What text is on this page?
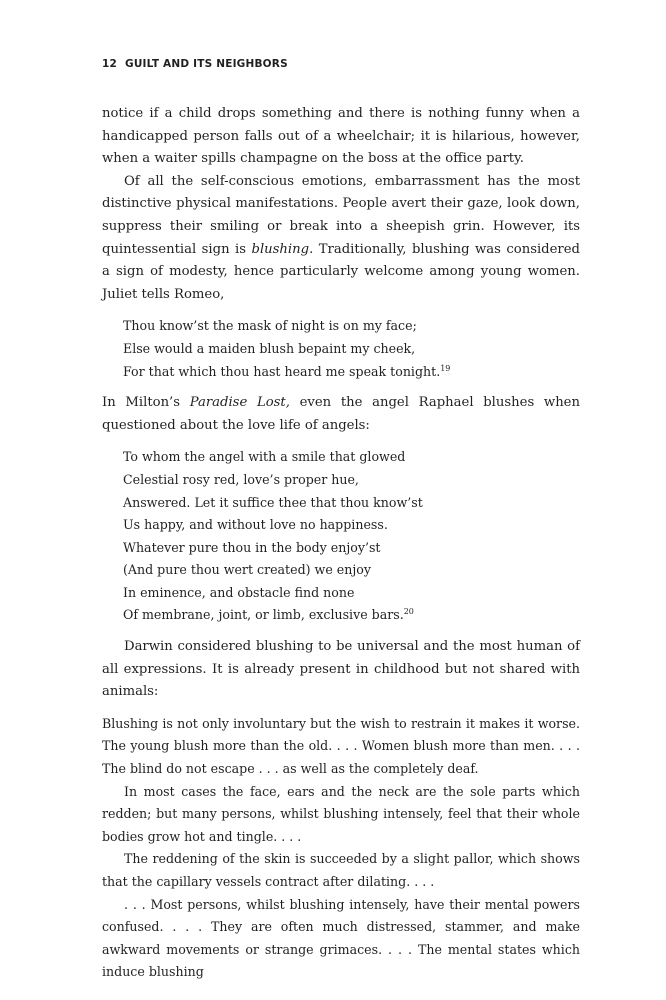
12 GUILT AND ITS NEIGHBORS

notice if a child drops something and there is nothing funny when a handicapped person falls out of a wheelchair; it is hilarious, however, when a waiter spills champagne on the boss at the office party.

Of all the self-conscious emotions, embarrassment has the most distinctive physical manifestations. People avert their gaze, look down, suppress their smiling or break into a sheepish grin. However, its quintessential sign is blushing. Traditionally, blushing was considered a sign of modesty, hence particularly welcome among young women. Juliet tells Romeo,

Thou know’st the mask of night is on my face;
Else would a maiden blush bepaint my cheek,
For that which thou hast heard me speak tonight.$^{19}$

In Milton’s Paradise Lost, even the angel Raphael blushes when questioned about the love life of angels:

To whom the angel with a smile that glowed
Celestial rosy red, love’s proper hue,
Answered. Let it suffice thee that thou know’st
Us happy, and without love no happiness.
Whatever pure thou in the body enjoy’st
(And pure thou wert created) we enjoy
In eminence, and obstacle find none
Of membrane, joint, or limb, exclusive bars.$^{20}$

Darwin considered blushing to be universal and the most human of all expressions. It is already present in childhood but not shared with animals:

Blushing is not only involuntary but the wish to restrain it makes it worse. The young blush more than the old. . . . Women blush more than men. . . . The blind do not escape . . . as well as the completely deaf.

In most cases the face, ears and the neck are the sole parts which redden; but many persons, whilst blushing intensely, feel that their whole bodies grow hot and tingle. . . .

The reddening of the skin is succeeded by a slight pallor, which shows that the capillary vessels contract after dilating. . . .

. . . Most persons, whilst blushing intensely, have their mental powers confused. . . . They are often much distressed, stammer, and make awkward movements or strange grimaces. . . . The mental states which induce blushing
